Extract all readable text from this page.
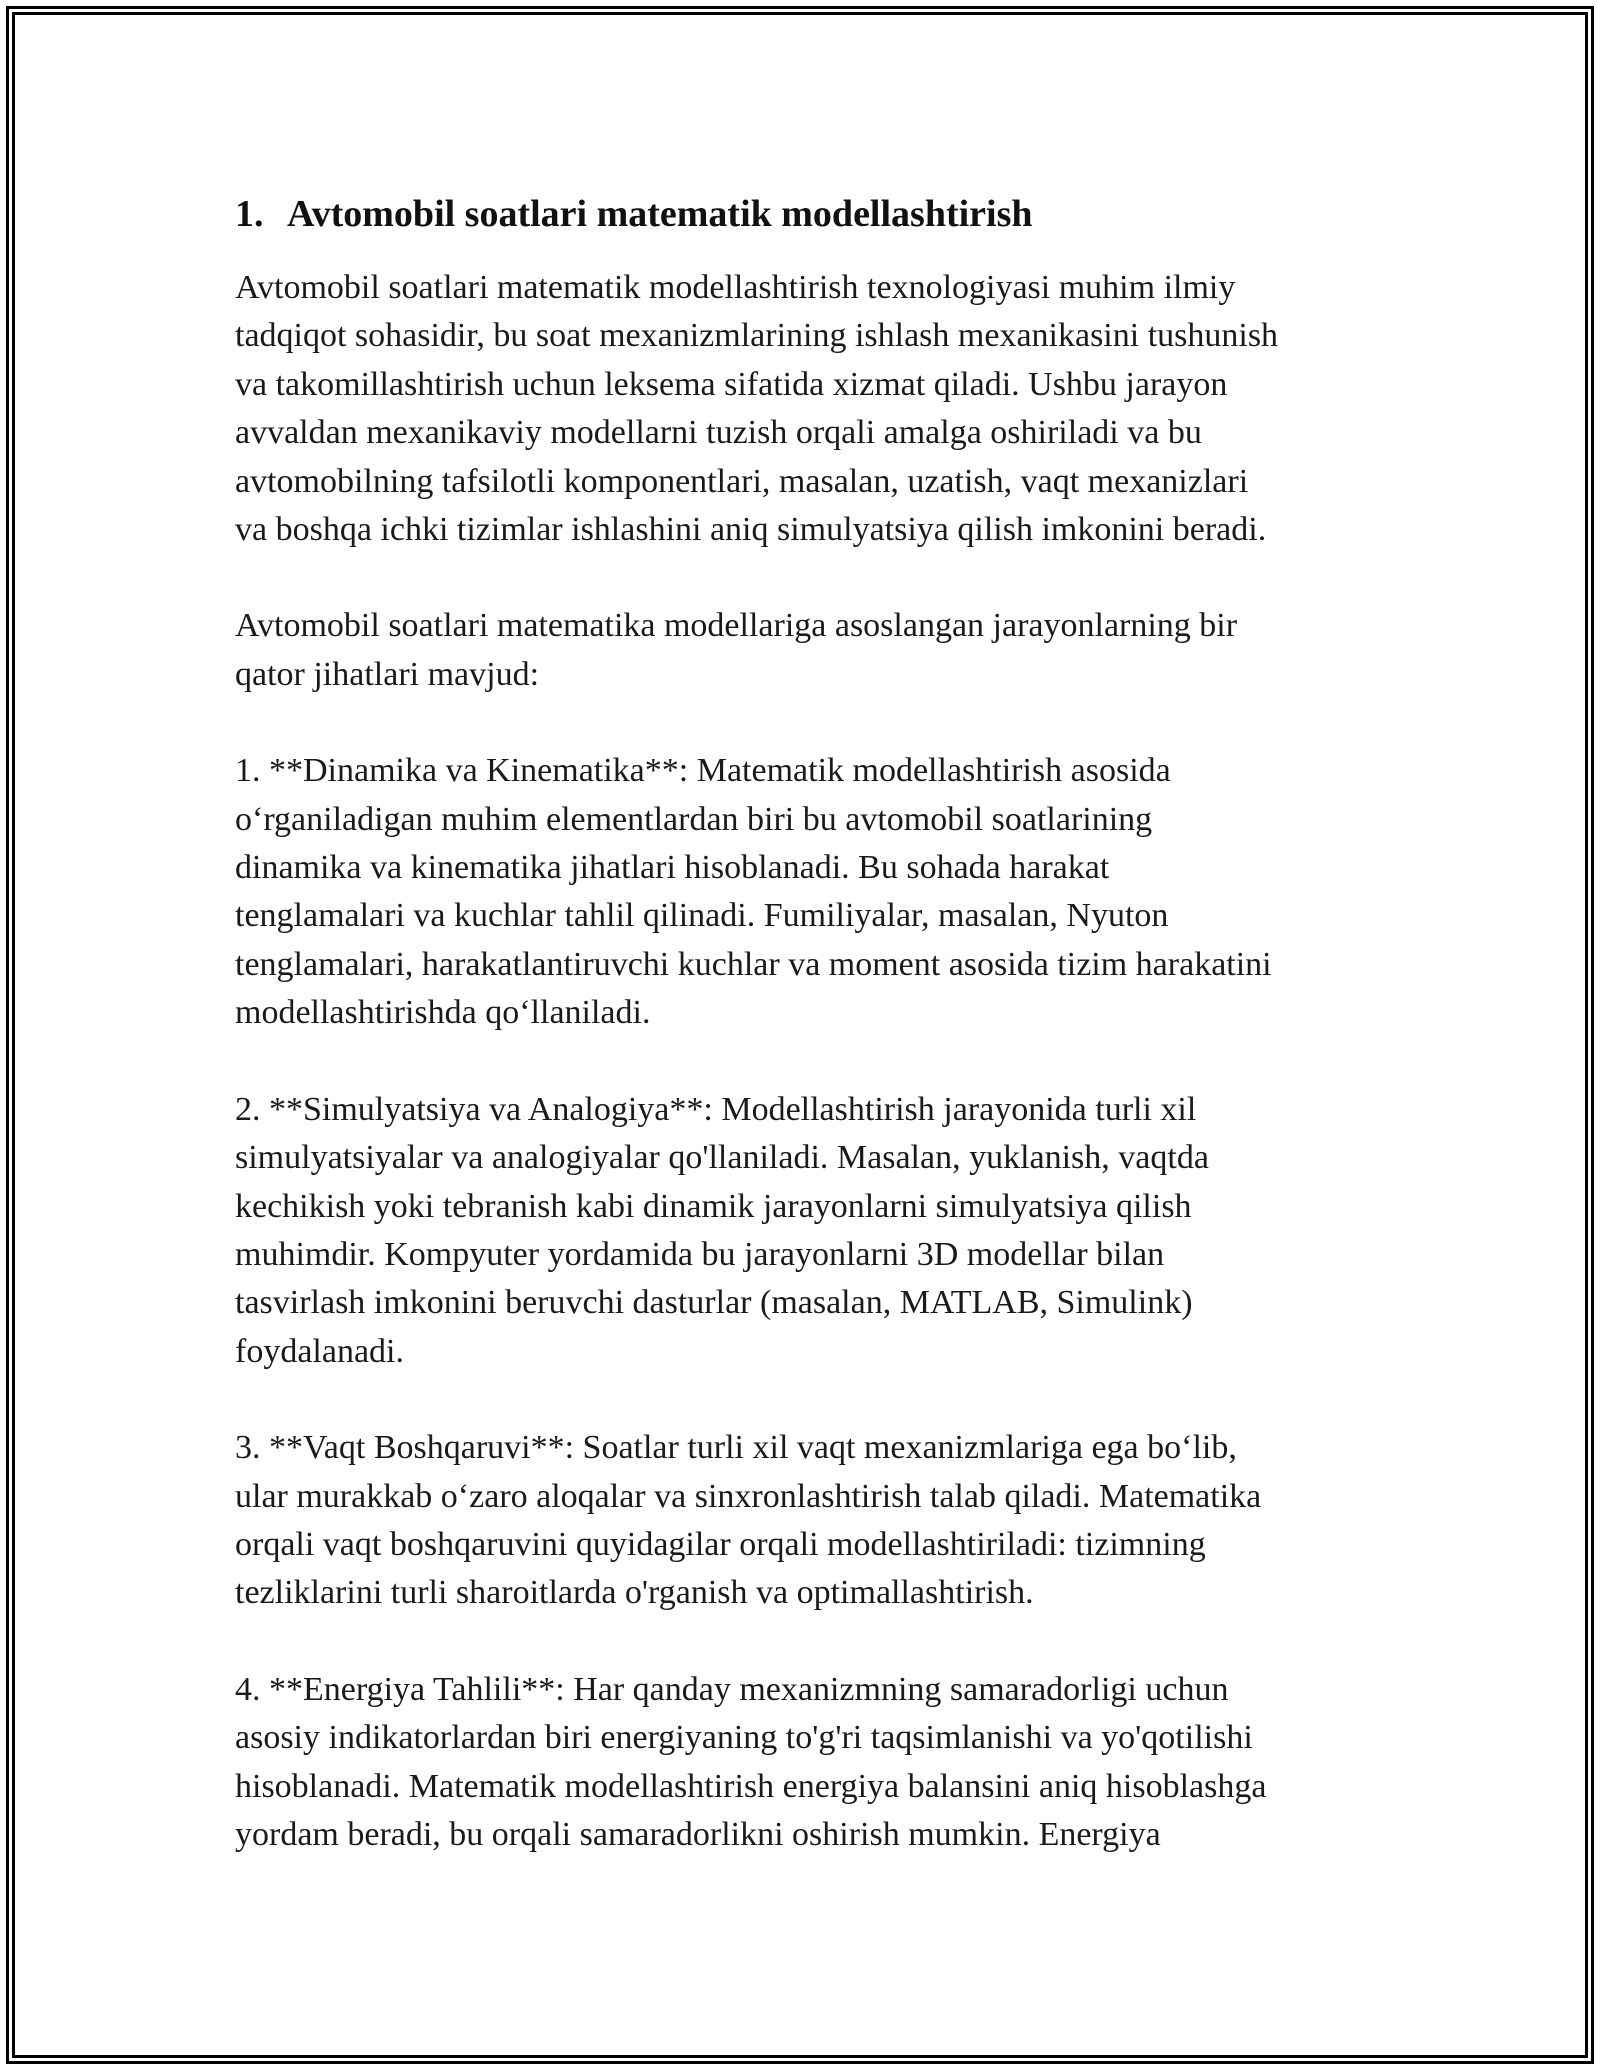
1. Avtomobil soatlari matematik modellashtirish

Avtomobil soatlari matematik modellashtirish texnologiyasi muhim ilmiy
tadqiqot sohasidir, bu soat mexanizmlarining ishlash mexanikasini tushunish
va takomillashtirish uchun leksema sifatida xizmat qiladi. Ushbu jarayon
avvaldan mexanikaviy modellarni tuzish orqali amalga oshiriladi va bu
avtomobilning tafsilotli komponentlari, masalan, uzatish, vaqt mexanizlari
va boshqa ichki tizimlar ishlashini aniq simulyatsiya qilish imkonini beradi.

Avtomobil soatlari matematika modellariga asoslangan jarayonlarning bir
qator jihatlari mavjud:

1. **Dinamika va Kinematika**: Matematik modellashtirish asosida
oʻrganiladigan muhim elementlardan biri bu avtomobil soatlarining
dinamika va kinematika jihatlari hisoblanadi. Bu sohada harakat
tenglamalari va kuchlar tahlil qilinadi. Fumiliyalar, masalan, Nyuton
tenglamalari, harakatlantiruvchi kuchlar va moment asosida tizim harakatini
modellashtirishda qoʻllaniladi.

2. **Simulyatsiya va Analogiya**: Modellashtirish jarayonida turli xil
simulyatsiyalar va analogiyalar qo'llaniladi. Masalan, yuklanish, vaqtda
kechikish yoki tebranish kabi dinamik jarayonlarni simulyatsiya qilish
muhimdir. Kompyuter yordamida bu jarayonlarni 3D modellar bilan
tasvirlash imkonini beruvchi dasturlar (masalan, MATLAB, Simulink)
foydalanadi.

3. **Vaqt Boshqaruvi**: Soatlar turli xil vaqt mexanizmlariga ega boʻlib,
ular murakkab oʻzaro aloqalar va sinxronlashtirish talab qiladi. Matematika
orqali vaqt boshqaruvini quyidagilar orqali modellashtiriladi: tizimning
tezliklarini turli sharoitlarda o'rganish va optimallashtirish.

4. **Energiya Tahlili**: Har qanday mexanizmning samaradorligi uchun
asosiy indikatorlardan biri energiyaning to'g'ri taqsimlanishi va yo'qotilishi
hisoblanadi. Matematik modellashtirish energiya balansini aniq hisoblashga
yordam beradi, bu orqali samaradorlikni oshirish mumkin. Energiya
